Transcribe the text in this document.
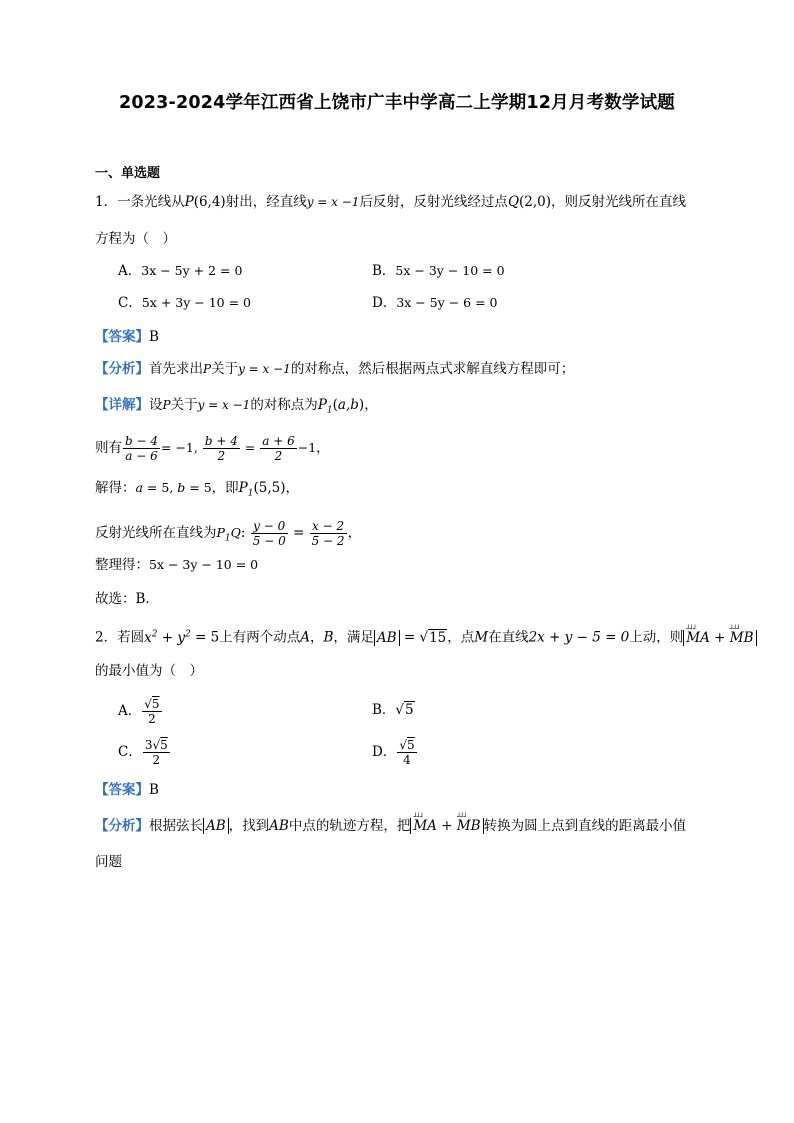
2023-2024学年江西省上饶市广丰中学高二上学期12月月考数学试题
一、单选题
1．一条光线从P(6,4)射出，经直线y = x −1后反射，反射光线经过点Q(2,0)，则反射光线所在直线
方程为（　）
A．3x − 5y + 2 = 0	B．5x − 3y − 10 = 0
C．5x + 3y − 10 = 0	D．3x − 5y − 6 = 0
【答案】B
【分析】首先求出P关于y = x −1的对称点，然后根据两点式求解直线方程即可；
【详解】设P关于y = x −1的对称点为$P_1(a,b)$，
则有 $\frac{b - 4}{a - 6} = -1$, $\frac{b + 4}{2} = \frac{a + 6}{2} -1$，
解得：a = 5, b = 5，即$P_1(5,5)$，
反射光线所在直线为$P_1Q$: $\frac{y - 0}{5 - 0} = \frac{x - 2}{5 - 2}$ ，
整理得：5x − 3y − 10 = 0
故选：B．
2．若圆$x^2 + y^2 = 5$上有两个动点A，B，满足 AB = √15，点M在直线2x + y − 5 = 0上动，则 ┘┘┘ MA + ┘┘┘ MB
的最小值为（　）
A． $\frac{√5}{2}$	B．√5
C． $\frac{3√5}{2}$	D． $\frac{√5}{4}$
【答案】B
【分析】根据弦长 AB ，找到AB中点的轨迹方程，把 ┘┘┘ MA + ┘┘┘ MB 转换为圆上点到直线的距离最小值
问题
